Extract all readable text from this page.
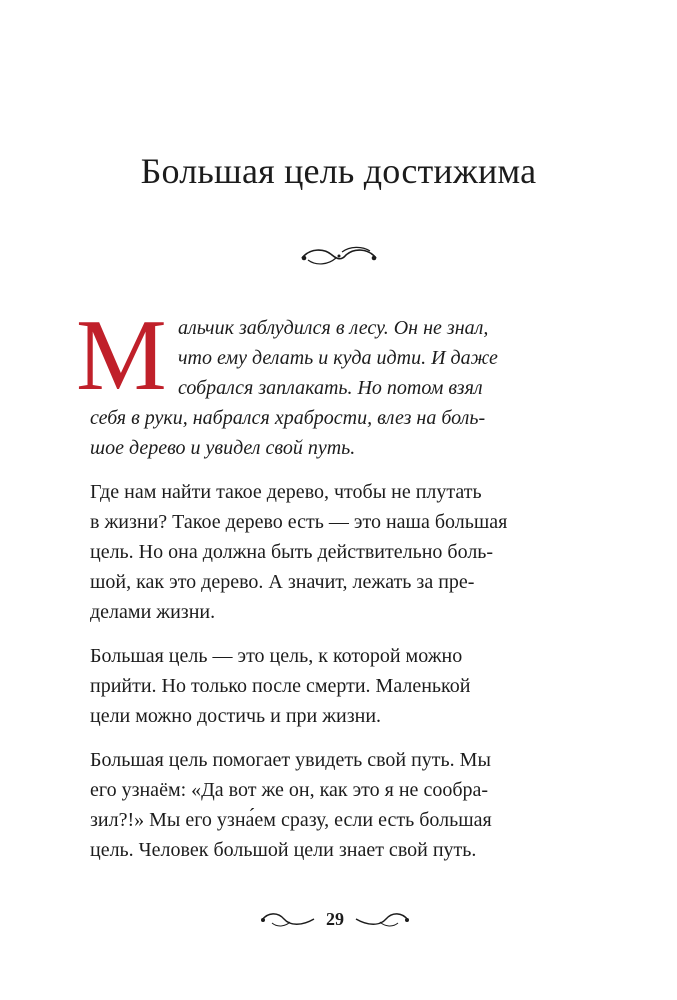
Большая цель достижима
М альчик заблудился в лесу. Он не знал,
что ему делать и куда идти. И даже
собрался заплакать. Но потом взял
себя в руки, набрался храбрости, влез на боль-
шое дерево и увидел свой путь.

Где нам найти такое дерево, чтобы не плутать
в жизни? Такое дерево есть — это наша большая
цель. Но она должна быть действительно боль-
шой, как это дерево. А значит, лежать за пре-
делами жизни.

Большая цель — это цель, к которой можно
прийти. Но только после смерти. Маленькой
цели можно достичь и при жизни.

Большая цель помогает увидеть свой путь. Мы
его узнаём: «Да вот же он, как это я не сообра-
зил?!» Мы его узна́ем сразу, если есть большая
цель. Человек большой цели знает свой путь.

29
